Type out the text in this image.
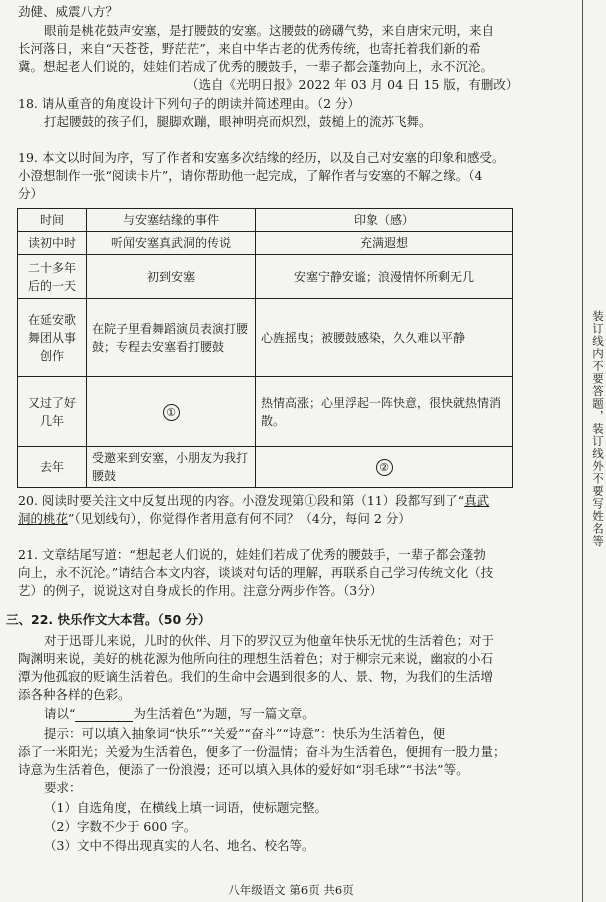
劲健、威震八方？
眼前是桃花鼓声安塞，是打腰鼓的安塞。这腰鼓的磅礴气势，来自唐宋元明，来自
长河落日，来自“天苍苍，野茫茫”，来自中华古老的优秀传统，也寄托着我们新的希
冀。想起老人们说的，娃娃们若成了优秀的腰鼓手，一辈子都会蓬勃向上，永不沉沦。
（选自《光明日报》2022 年 03 月 04 日 15 版，有删改）
18. 请从重音的角度设计下列句子的朗读并简述理由。（2 分）
打起腰鼓的孩子们，腿脚欢蹦，眼神明亮而炽烈，鼓槌上的流苏飞舞。
19. 本文以时间为序，写了作者和安塞多次结缘的经历，以及自己对安塞的印象和感受。
小澄想制作一张“阅读卡片”，请你帮助他一起完成，了解作者与安塞的不解之缘。（4
分）
时间	与安塞结缘的事件	印象（感）
读初中时	听闻安塞真武洞的传说	充满遐想
二十多年后的一天	初到安塞	安塞宁静安谧；浪漫情怀所剩无几
在延安歌舞团从事创作	在院子里看舞蹈演员表演打腰鼓；专程去安塞看打腰鼓	心旌摇曳；被腰鼓感染，久久难以平静
又过了好几年	①	热情高涨；心里浮起一阵快意，很快就热情消散。
去年	受邀来到安塞，小朋友为我打腰鼓	②
20. 阅读时要关注文中反复出现的内容。小澄发现第①段和第（11）段都写到了“真武
洞的桃花”（见划线句），你觉得作者用意有何不同？（4分，每问 2 分）
21. 文章结尾写道：“想起老人们说的，娃娃们若成了优秀的腰鼓手，一辈子都会蓬勃
向上，永不沉沦。”请结合本文内容，谈谈对句话的理解，再联系自己学习传统文化（技
艺）的例子，说说这对自身成长的作用。注意分两步作答。（3分）
三、22. 快乐作文大本营。（50 分）
对于迅哥儿来说，儿时的伙伴、月下的罗汉豆为他童年快乐无忧的生活着色；对于
陶渊明来说，美好的桃花源为他所向往的理想生活着色；对于柳宗元来说，幽寂的小石
潭为他孤寂的贬谪生活着色。我们的生命中会遇到很多的人、景、物，为我们的生活增
添各种各样的色彩。
请以“	为生活着色”为题，写一篇文章。
提示：可以填入抽象词“快乐”“关爱”“奋斗”“诗意”：快乐为生活着色，便
添了一米阳光；关爱为生活着色，便多了一份温情；奋斗为生活着色，便拥有一股力量；
诗意为生活着色，便添了一份浪漫；还可以填入具体的爱好如“羽毛球”“书法”等。
要求：
（1）自选角度，在横线上填一词语，使标题完整。
（2）字数不少于 600 字。
（3）文中不得出现真实的人名、地名、校名等。
八年级语文 第6页 共6页
装订线内不要答题，装订线外不要写姓名等
